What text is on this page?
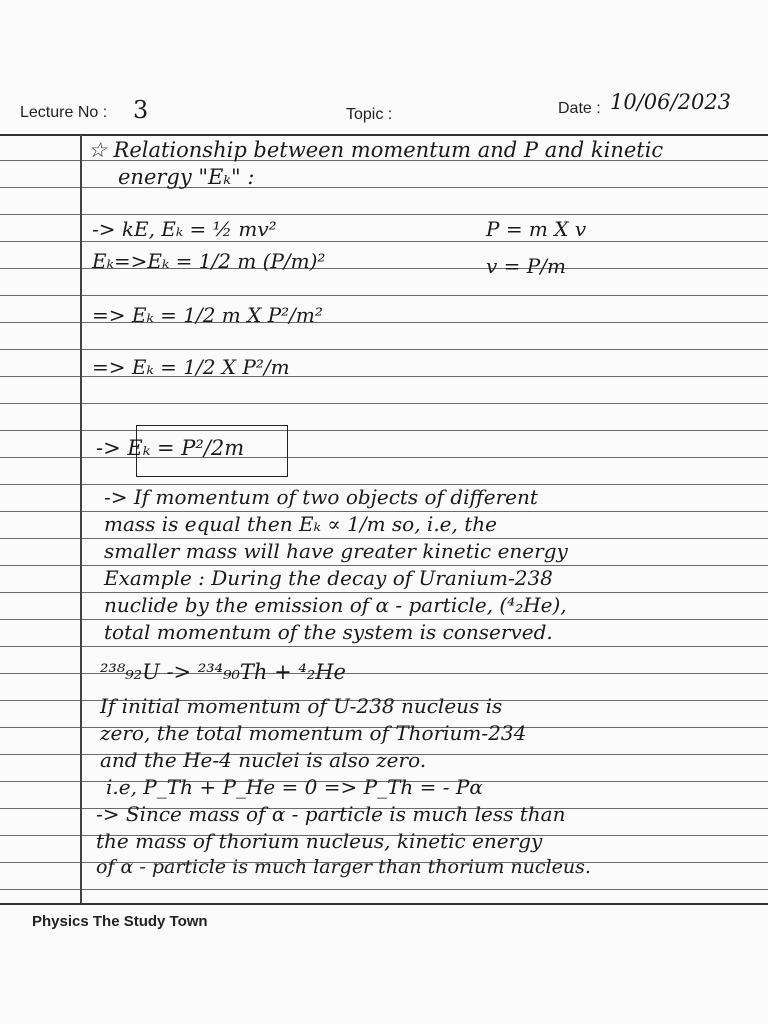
Lecture No : 3	Topic :	Date : 10/06/2023
☆ Relationship between momentum and P and kinetic
energy "Eₖ" :
-> kE, Eₖ = ½ mv²	P = m X v
v = P/m
Eₖ=>Eₖ = 1/2 m (P/m)²
=> Eₖ = 1/2 m X P²/m²
=> Eₖ = 1/2 X P²/m
-> Eₖ = P²/2m
-> If momentum of two objects of different
mass is equal then Eₖ ∝ 1/m so, i.e, the
smaller mass will have greater kinetic energy
Example : During the decay of Uranium-238
nuclide by the emission of α - particle, (⁴₂He),
total momentum of the system is conserved.
²³⁸₉₂U -> ²³⁴₉₀Th + ⁴₂He
If initial momentum of U-238 nucleus is
zero, the total momentum of Thorium-234
and the He-4 nuclei is also zero.
i.e, P_Th + P_He = 0 => P_Th = - Pα
-> Since mass of α - particle is much less than
the mass of thorium nucleus, kinetic energy
of α - particle is much larger than thorium nucleus.
Physics The Study Town
